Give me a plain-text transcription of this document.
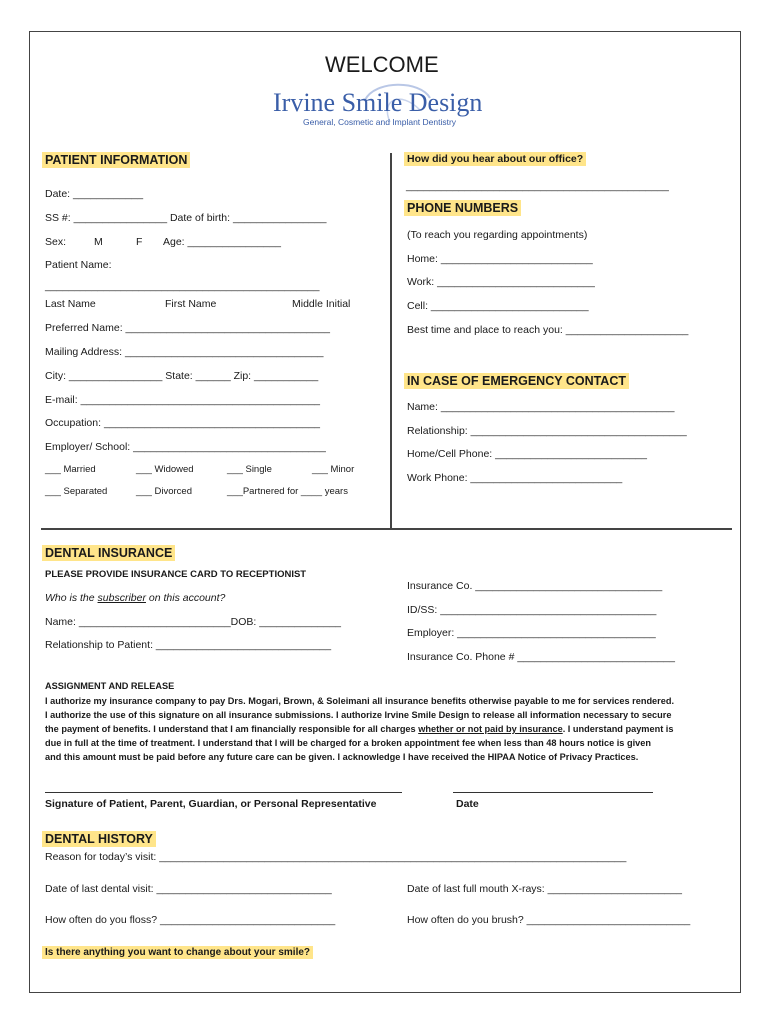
WELCOME
Irvine Smile Design
General, Cosmetic and Implant Dentistry
PATIENT INFORMATION
Date: ____________
SS #: ________________ Date of birth: ________________
Sex:	M	F Age: ________________
Patient Name:
_______________________________________________
Last Name	First Name	Middle Initial
Preferred Name: ___________________________________
Mailing Address: __________________________________
City: ________________ State: ______ Zip: ___________
E-mail: _________________________________________
Occupation: _____________________________________
Employer/ School: _________________________________
___ Married	___ Widowed	___ Single	___ Minor
___ Separated	___ Divorced	___Partnered for ____ years
How did you hear about our office?
_____________________________________________
PHONE NUMBERS
(To reach you regarding appointments)
Home: __________________________
Work: ___________________________
Cell: ___________________________
Best time and place to reach you: _____________________
IN CASE OF EMERGENCY CONTACT
Name: ________________________________________
Relationship: _____________________________________
Home/Cell Phone: __________________________
Work Phone: __________________________
DENTAL INSURANCE
PLEASE PROVIDE INSURANCE CARD TO RECEPTIONIST
Who is the subscriber on this account?
Name: __________________________DOB: ______________
Relationship to Patient: ______________________________
Insurance Co. ________________________________
ID/SS: _____________________________________
Employer: __________________________________
Insurance Co. Phone # ___________________________
ASSIGNMENT AND RELEASE
I authorize my insurance company to pay Drs. Mogari, Brown, & Soleimani all insurance benefits otherwise payable to me for services rendered.
I authorize the use of this signature on all insurance submissions. I authorize Irvine Smile Design to release all information necessary to secure
the payment of benefits. I understand that I am financially responsible for all charges whether or not paid by insurance. I understand payment is
due in full at the time of treatment. I understand that I will be charged for a broken appointment fee when less than 48 hours notice is given
and this amount must be paid before any future care can be given. I acknowledge I have received the HIPAA Notice of Privacy Practices.
Signature of Patient, Parent, Guardian, or Personal Representative	Date
DENTAL HISTORY
Reason for today’s visit: ________________________________________________________________________________
Date of last dental visit: ______________________________	Date of last full mouth X-rays: _______________________
How often do you floss? ______________________________	How often do you brush? ____________________________
Is there anything you want to change about your smile?
